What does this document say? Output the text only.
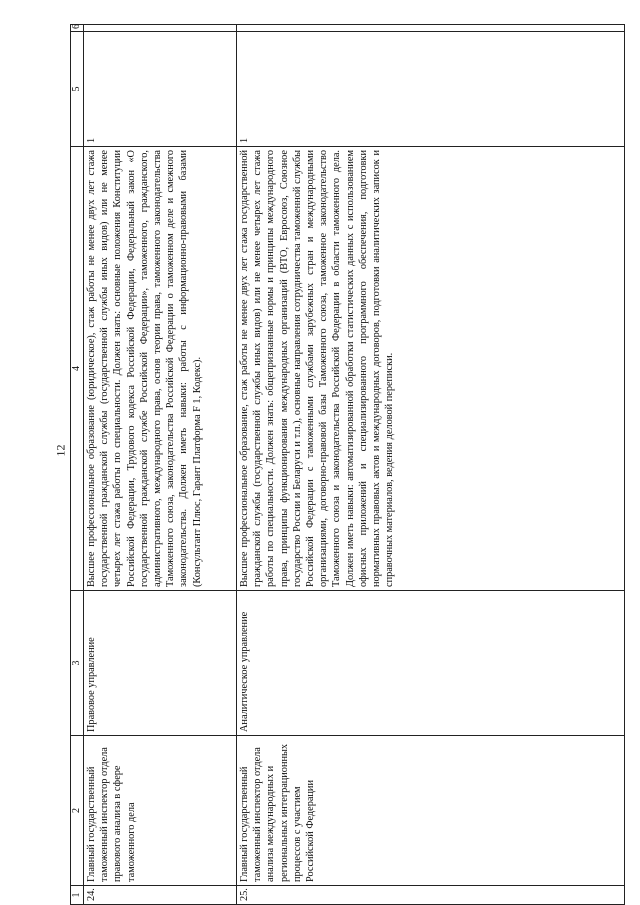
12
1	2	3	4	5	6
24.	Главный государственный таможенный инспектор отдела правового анализа в сфере таможенного дела	Правовое управление	Высшее профессиональное образование (юридическое), стаж работы не менее двух лет стажа государственной гражданской службы (государственной службы иных видов) или не менее четырех лет стажа работы по специальности. Должен знать: основные положения Конституции Российской Федерации, Трудового кодекса Российской Федерации, Федеральный закон «О государственной гражданской службе Российской Федерации», таможенного, гражданского, административного, международного права, основ теории права, таможенного законодательства Таможенного союза, законодательства Российской Федерации о таможенном деле и смежного законодательства. Должен иметь навыки: работы с информационно-правовыми базами (Консультант Плюс, Гарант Платформа F 1, Кодекс).	1	
25.	Главный государственный таможенный инспектор отдела анализа международных и региональных интеграционных процессов с участием Российской Федерации	Аналитическое управление	Высшее профессиональное образование, стаж работы не менее двух лет стажа государственной гражданской службы (государственной службы иных видов) или не менее четырех лет стажа работы по специальности. Должен знать: общепризнанные нормы и принципы международного права, принципы функционирования международных организаций (ВТО, Евросоюз, Союзное государство России и Беларуси и т.п.), основные направления сотрудничества таможенной службы Российской Федерации с таможенными службами зарубежных стран и международными организациями, договорно-правовой базы Таможенного союза, таможенное законодательство Таможенного союза и законодательства Российской Федерации в области таможенного дела. Должен иметь навыки: автоматизированной обработки статистических данных с использованием офисных приложений и специализированного программного обеспечения, подготовки нормативных правовых актов и международных договоров, подготовки аналитических записок и справочных материалов, ведения деловой переписки.	1	
